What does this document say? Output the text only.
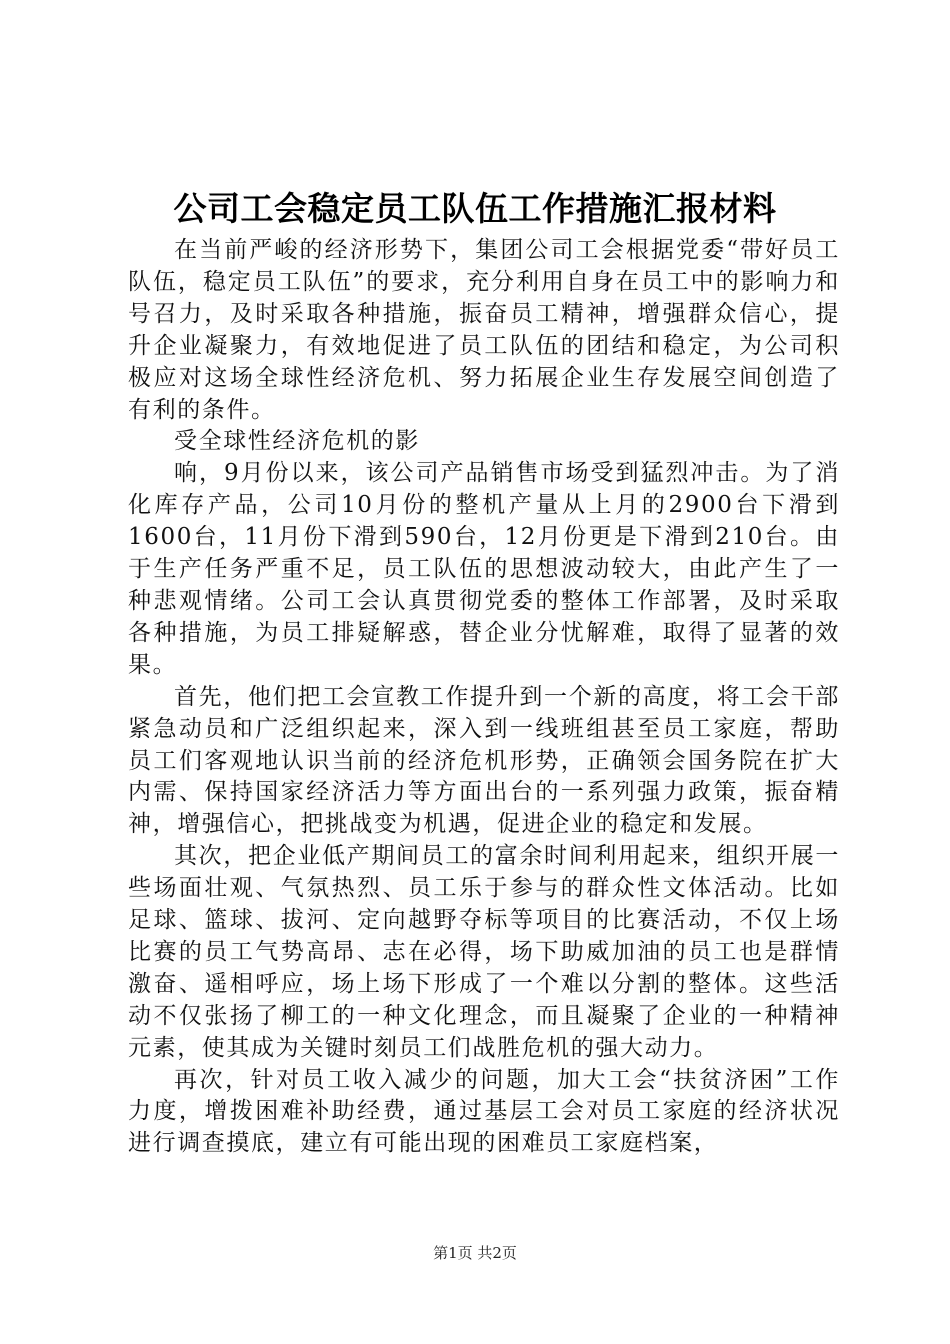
公司工会稳定员工队伍工作措施汇报材料

在当前严峻的经济形势下，集团公司工会根据党委“带好员工队伍，稳定员工队伍”的要求，充分利用自身在员工中的影响力和号召力，及时采取各种措施，振奋员工精神，增强群众信心，提升企业凝聚力，有效地促进了员工队伍的团结和稳定，为公司积极应对这场全球性经济危机、努力拓展企业生存发展空间创造了有利的条件。

受全球性经济危机的影

响，9月份以来，该公司产品销售市场受到猛烈冲击。为了消化库存产品，公司10月份的整机产量从上月的2900台下滑到1600台，11月份下滑到590台，12月份更是下滑到210台。由于生产任务严重不足，员工队伍的思想波动较大，由此产生了一种悲观情绪。公司工会认真贯彻党委的整体工作部署，及时采取各种措施，为员工排疑解惑，替企业分忧解难，取得了显著的效果。

首先，他们把工会宣教工作提升到一个新的高度，将工会干部紧急动员和广泛组织起来，深入到一线班组甚至员工家庭，帮助员工们客观地认识当前的经济危机形势，正确领会国务院在扩大内需、保持国家经济活力等方面出台的一系列强力政策，振奋精神，增强信心，把挑战变为机遇，促进企业的稳定和发展。

其次，把企业低产期间员工的富余时间利用起来，组织开展一些场面壮观、气氛热烈、员工乐于参与的群众性文体活动。比如足球、篮球、拔河、定向越野夺标等项目的比赛活动，不仅上场比赛的员工气势高昂、志在必得，场下助威加油的员工也是群情激奋、遥相呼应，场上场下形成了一个难以分割的整体。这些活动不仅张扬了柳工的一种文化理念，而且凝聚了企业的一种精神元素，使其成为关键时刻员工们战胜危机的强大动力。

再次，针对员工收入减少的问题，加大工会“扶贫济困”工作力度，增拨困难补助经费，通过基层工会对员工家庭的经济状况进行调查摸底，建立有可能出现的困难员工家庭档案，

第1页 共2页
